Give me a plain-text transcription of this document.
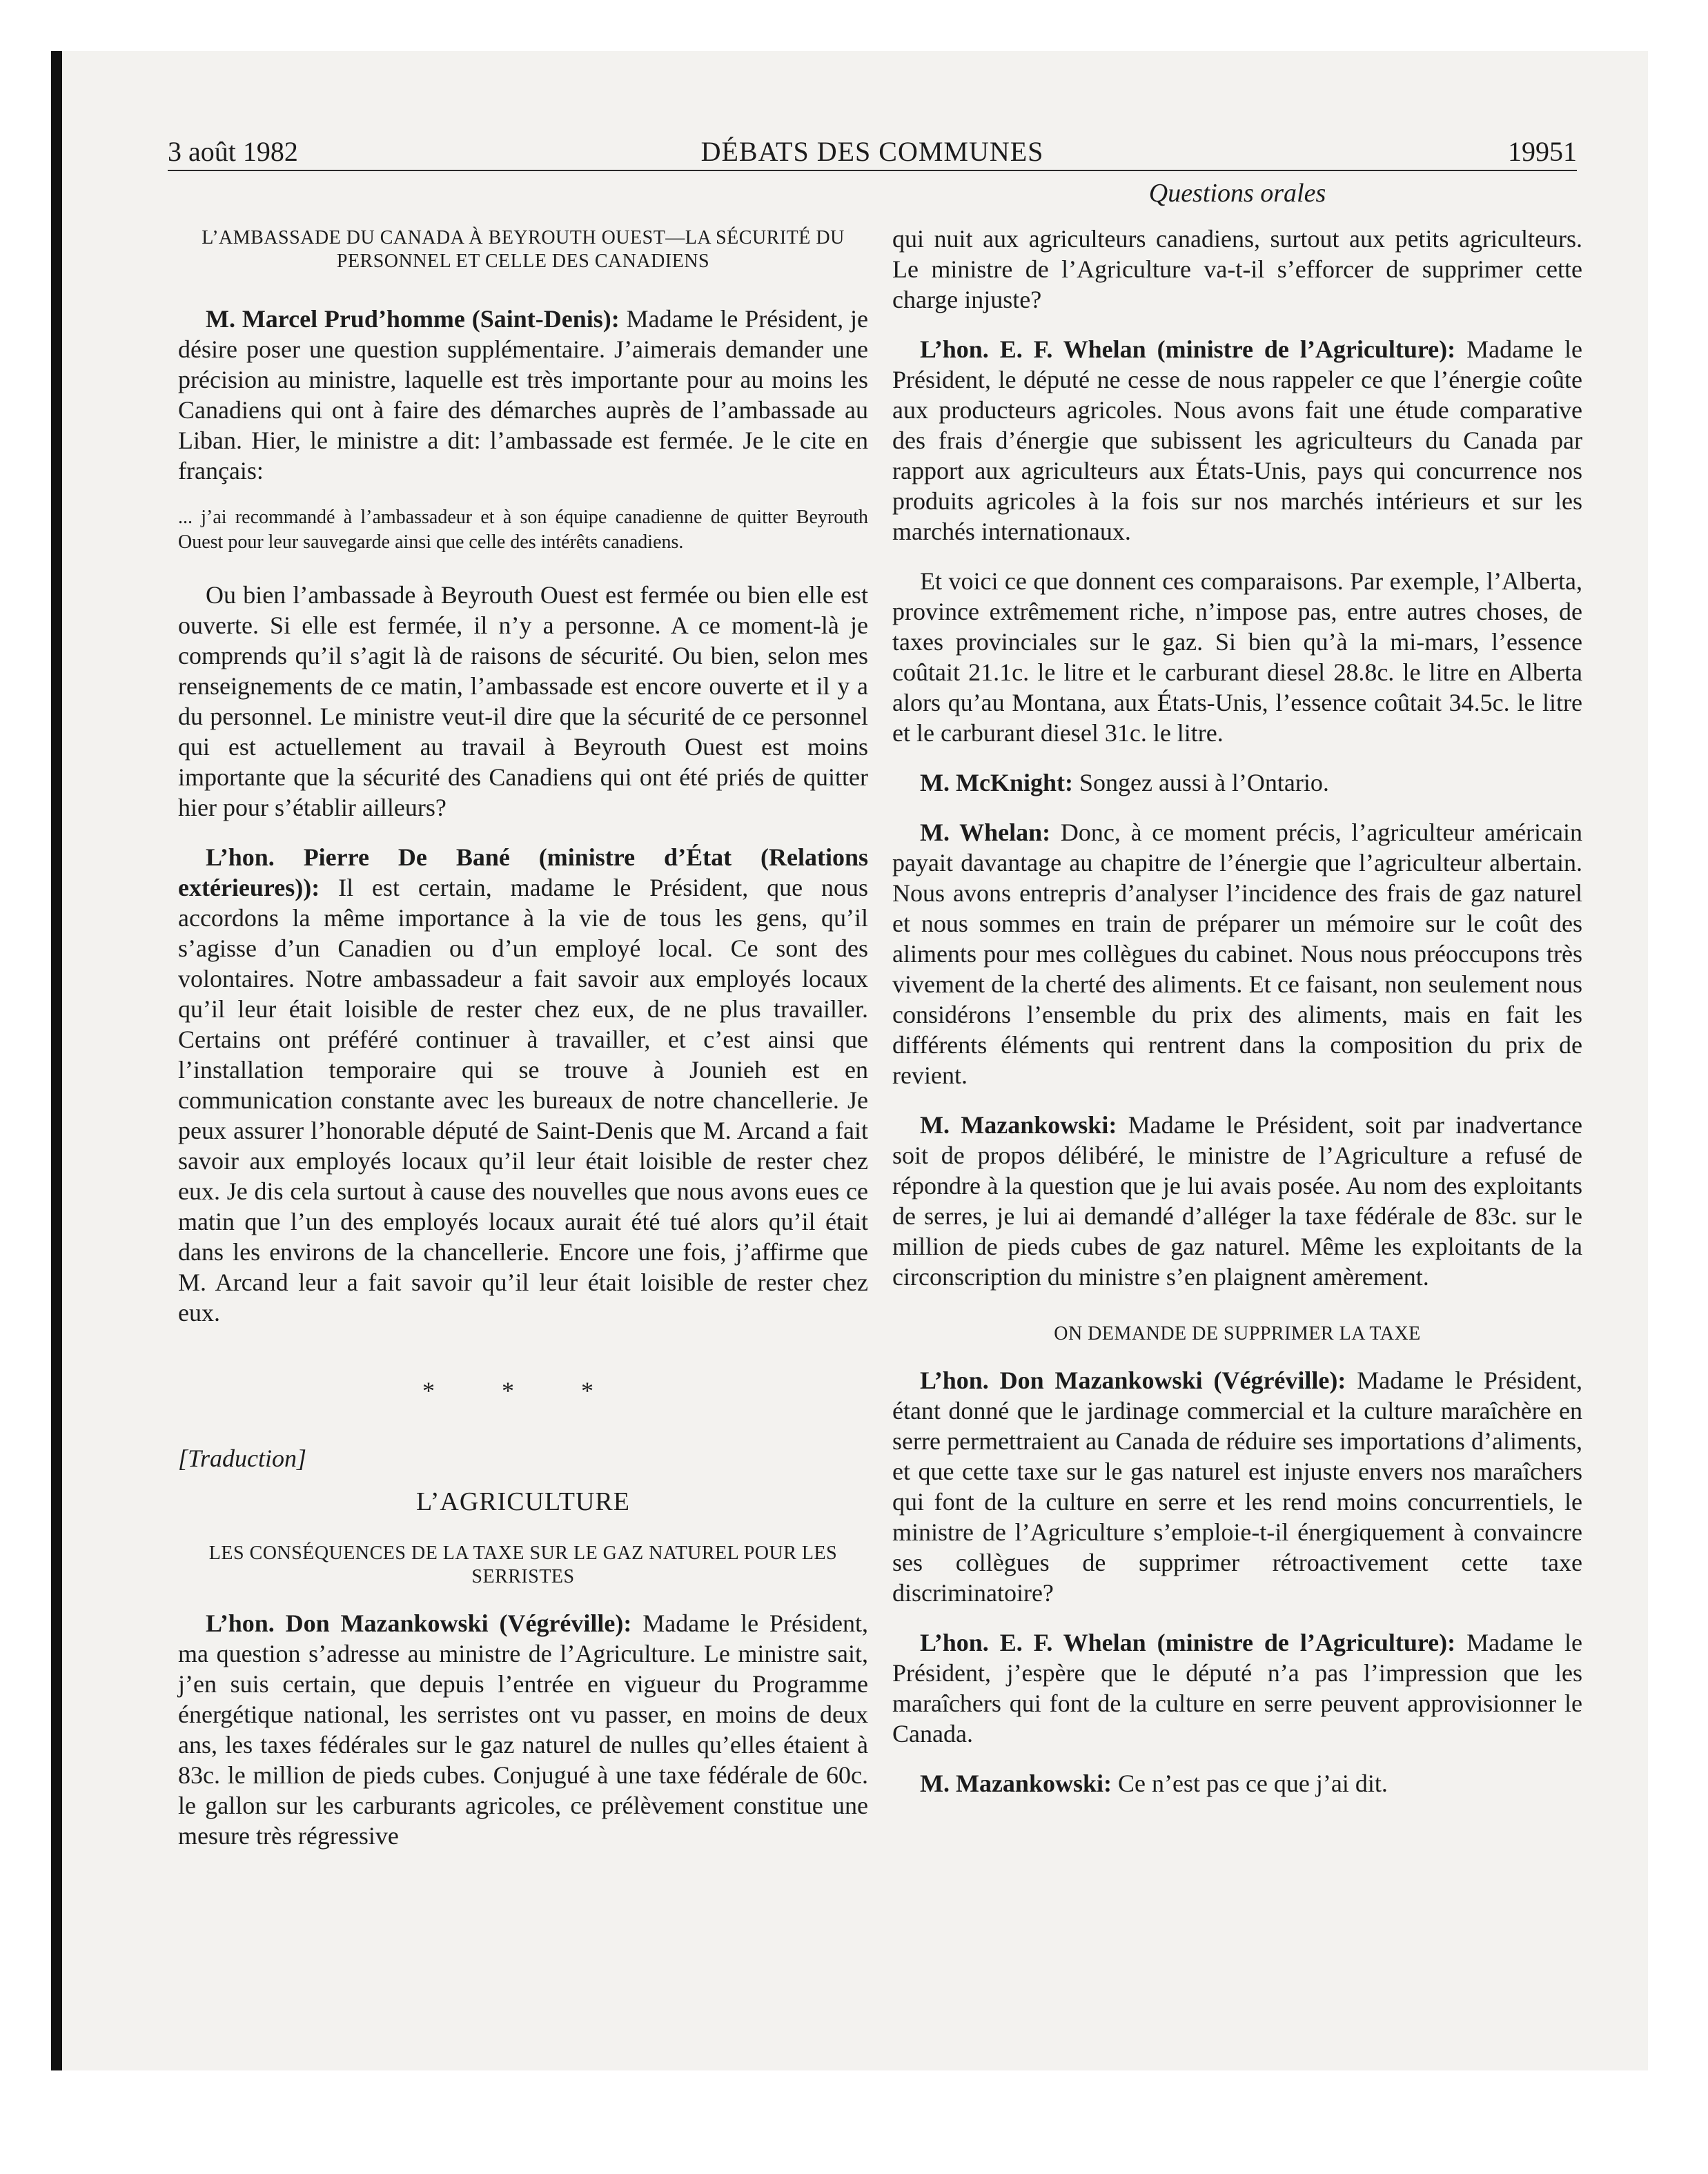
3 août 1982	DÉBATS DES COMMUNES	19951
L’AMBASSADE DU CANADA À BEYROUTH OUEST—LA SÉCURITÉ DU PERSONNEL ET CELLE DES CANADIENS

M. Marcel Prud’homme (Saint-Denis): Madame le Président, je désire poser une question supplémentaire. J’aimerais demander une précision au ministre, laquelle est très importante pour au moins les Canadiens qui ont à faire des démarches auprès de l’ambassade au Liban. Hier, le ministre a dit: l’ambassade est fermée. Je le cite en français:

... j’ai recommandé à l’ambassadeur et à son équipe canadienne de quitter Beyrouth Ouest pour leur sauvegarde ainsi que celle des intérêts canadiens.

Ou bien l’ambassade à Beyrouth Ouest est fermée ou bien elle est ouverte. Si elle est fermée, il n’y a personne. A ce moment-là je comprends qu’il s’agit là de raisons de sécurité. Ou bien, selon mes renseignements de ce matin, l’ambassade est encore ouverte et il y a du personnel. Le ministre veut-il dire que la sécurité de ce personnel qui est actuellement au travail à Beyrouth Ouest est moins importante que la sécurité des Canadiens qui ont été priés de quitter hier pour s’établir ailleurs?

L’hon. Pierre De Bané (ministre d’État (Relations extérieures)): Il est certain, madame le Président, que nous accordons la même importance à la vie de tous les gens, qu’il s’agisse d’un Canadien ou d’un employé local. Ce sont des volontaires. Notre ambassadeur a fait savoir aux employés locaux qu’il leur était loisible de rester chez eux, de ne plus travailler. Certains ont préféré continuer à travailler, et c’est ainsi que l’installation temporaire qui se trouve à Jounieh est en communication constante avec les bureaux de notre chancellerie. Je peux assurer l’honorable député de Saint-Denis que M. Arcand a fait savoir aux employés locaux qu’il leur était loisible de rester chez eux. Je dis cela surtout à cause des nouvelles que nous avons eues ce matin que l’un des employés locaux aurait été tué alors qu’il était dans les environs de la chancellerie. Encore une fois, j’affirme que M. Arcand leur a fait savoir qu’il leur était loisible de rester chez eux.

* * *
[Traduction]
L’AGRICULTURE
LES CONSÉQUENCES DE LA TAXE SUR LE GAZ NATUREL POUR LES SERRISTES

L’hon. Don Mazankowski (Végréville): Madame le Président, ma question s’adresse au ministre de l’Agriculture. Le ministre sait, j’en suis certain, que depuis l’entrée en vigueur du Programme énergétique national, les serristes ont vu passer, en moins de deux ans, les taxes fédérales sur le gaz naturel de nulles qu’elles étaient à 83c. le million de pieds cubes. Conjugué à une taxe fédérale de 60c. le gallon sur les carburants agricoles, ce prélèvement constitue une mesure très régressive

Questions orales

qui nuit aux agriculteurs canadiens, surtout aux petits agriculteurs. Le ministre de l’Agriculture va-t-il s’efforcer de supprimer cette charge injuste?

L’hon. E. F. Whelan (ministre de l’Agriculture): Madame le Président, le député ne cesse de nous rappeler ce que l’énergie coûte aux producteurs agricoles. Nous avons fait une étude comparative des frais d’énergie que subissent les agriculteurs du Canada par rapport aux agriculteurs aux États-Unis, pays qui concurrence nos produits agricoles à la fois sur nos marchés intérieurs et sur les marchés internationaux.

Et voici ce que donnent ces comparaisons. Par exemple, l’Alberta, province extrêmement riche, n’impose pas, entre autres choses, de taxes provinciales sur le gaz. Si bien qu’à la mi-mars, l’essence coûtait 21.1c. le litre et le carburant diesel 28.8c. le litre en Alberta alors qu’au Montana, aux États-Unis, l’essence coûtait 34.5c. le litre et le carburant diesel 31c. le litre.

M. McKnight: Songez aussi à l’Ontario.

M. Whelan: Donc, à ce moment précis, l’agriculteur américain payait davantage au chapitre de l’énergie que l’agriculteur albertain. Nous avons entrepris d’analyser l’incidence des frais de gaz naturel et nous sommes en train de préparer un mémoire sur le coût des aliments pour mes collègues du cabinet. Nous nous préoccupons très vivement de la cherté des aliments. Et ce faisant, non seulement nous considérons l’ensemble du prix des aliments, mais en fait les différents éléments qui rentrent dans la composition du prix de revient.

M. Mazankowski: Madame le Président, soit par inadvertance soit de propos délibéré, le ministre de l’Agriculture a refusé de répondre à la question que je lui avais posée. Au nom des exploitants de serres, je lui ai demandé d’alléger la taxe fédérale de 83c. sur le million de pieds cubes de gaz naturel. Même les exploitants de la circonscription du ministre s’en plaignent amèrement.

ON DEMANDE DE SUPPRIMER LA TAXE

L’hon. Don Mazankowski (Végréville): Madame le Président, étant donné que le jardinage commercial et la culture maraîchère en serre permettraient au Canada de réduire ses importations d’aliments, et que cette taxe sur le gas naturel est injuste envers nos maraîchers qui font de la culture en serre et les rend moins concurrentiels, le ministre de l’Agriculture s’emploie-t-il énergiquement à convaincre ses collègues de supprimer rétroactivement cette taxe discriminatoire?

L’hon. E. F. Whelan (ministre de l’Agriculture): Madame le Président, j’espère que le député n’a pas l’impression que les maraîchers qui font de la culture en serre peuvent approvisionner le Canada.

M. Mazankowski: Ce n’est pas ce que j’ai dit.
